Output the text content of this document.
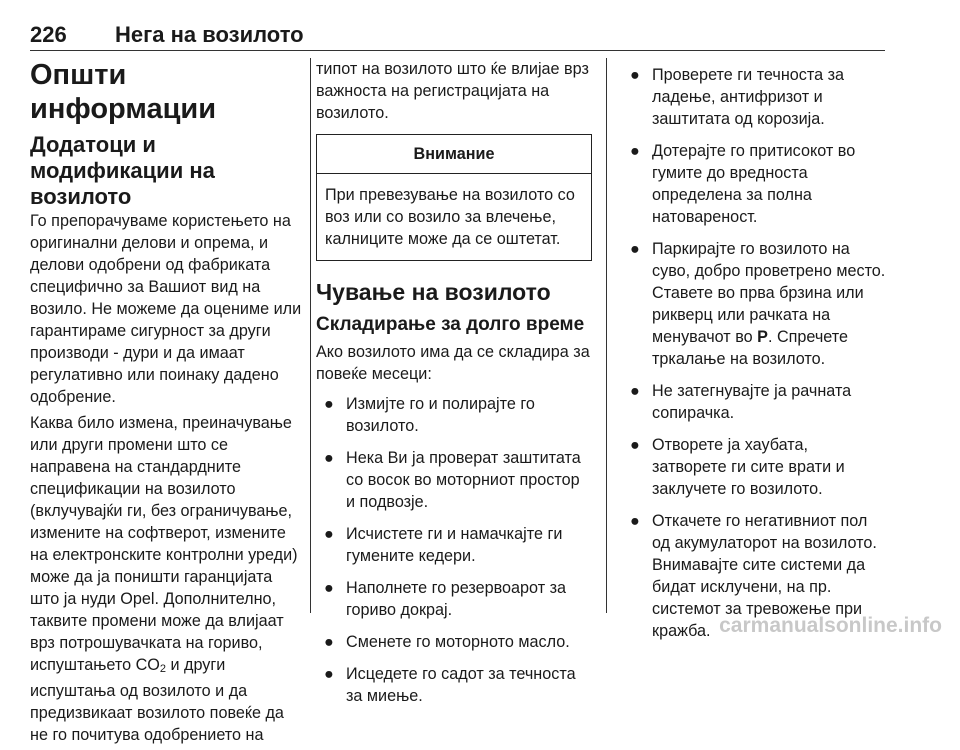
226 Нега на возилото
Општи информации
Додатоци и модификации на возилото

Го препорачуваме користењето на оригинални делови и опрема, и делови одобрени од фабриката специфично за Вашиот вид на возило. Не можеме да оцениме или гарантираме сигурност за други производи - дури и да имаат регулативно или поинаку дадено одобрение.

Каква било измена, преиначување или други промени што се направена на стандардните спецификации на возилото (вклучувајќи ги, без ограничување, измените на софтверот, измените на електронските контролни уреди) може да ја поништи гаранцијата што ја нуди Opel. Дополнително, таквите промени може да влијаат врз потрошувачката на гориво, испуштањето CO2 и други испуштања од возилото и да предизвикаат возилото повеќе да не го почитува одобрението на

типот на возилото што ќе влијае врз важноста на регистрацијата на возилото.

Внимание
При превезување на возилото со воз или со возило за влечење, калниците може да се оштетат.
Чување на возилото
Складирање за долго време

Ако возилото има да се складира за повеќе месеци:

● Измијте го и полирајте го возилото.
● Нека Ви ја проверат заштитата со восок во моторниот простор и подвозје.
● Исчистете ги и намачкајте ги гумените кедери.
● Наполнете го резервоарот за гориво докрај.
● Сменете го моторното масло.
● Исцедете го садот за течноста за миење.
● Проверете ги течноста за ладење, антифризот и заштитата од корозија.
● Дотерајте го притисокот во гумите до вредноста определена за полна натовареност.
● Паркирајте го возилото на суво, добро проветрено место. Ставете во прва брзина или рикверц или рачката на менувачот во P. Спречете тркалање на возилото.
● Не затегнувајте ја рачната сопирачка.
● Отворете ја хаубата, затворете ги сите врати и заклучете го возилото.
● Откачете го негативниот пол од акумулаторот на возилото. Внимавајте сите системи да бидат исклучени, на пр. системот за тревожење при кражба. carmanualsonline.info
